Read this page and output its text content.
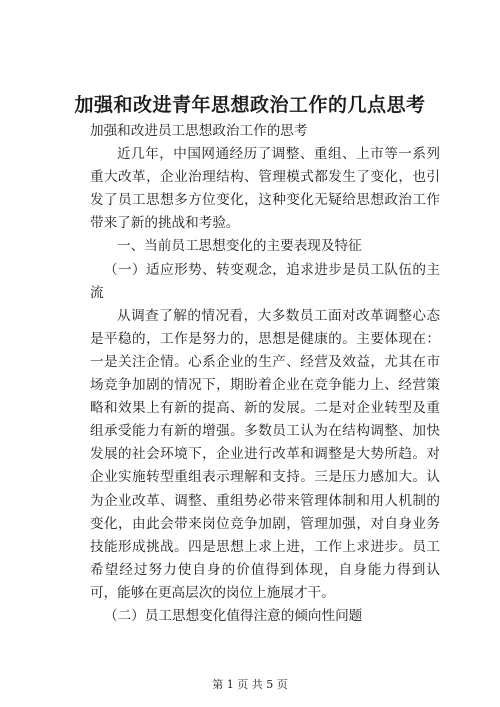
加强和改进青年思想政治工作的几点思考

加强和改进员工思想政治工作的思考

近几年，中国网通经历了调整、重组、上市等一系列重大改革，企业治理结构、管理模式都发生了变化，也引发了员工思想多方位变化，这种变化无疑给思想政治工作带来了新的挑战和考验。

一、当前员工思想变化的主要表现及特征

（一）适应形势、转变观念，追求进步是员工队伍的主流

从调查了解的情况看，大多数员工面对改革调整心态是平稳的，工作是努力的，思想是健康的。主要体现在：一是关注企情。心系企业的生产、经营及效益，尤其在市场竞争加剧的情况下，期盼着企业在竞争能力上、经营策略和效果上有新的提高、新的发展。二是对企业转型及重组承受能力有新的增强。多数员工认为在结构调整、加快发展的社会环境下，企业进行改革和调整是大势所趋。对企业实施转型重组表示理解和支持。三是压力感加大。认为企业改革、调整、重组势必带来管理体制和用人机制的变化，由此会带来岗位竞争加剧，管理加强，对自身业务技能形成挑战。四是思想上求上进，工作上求进步。员工希望经过努力使自身的价值得到体现，自身能力得到认可，能够在更高层次的岗位上施展才干。

（二）员工思想变化值得注意的倾向性问题

第 1 页 共 5 页
